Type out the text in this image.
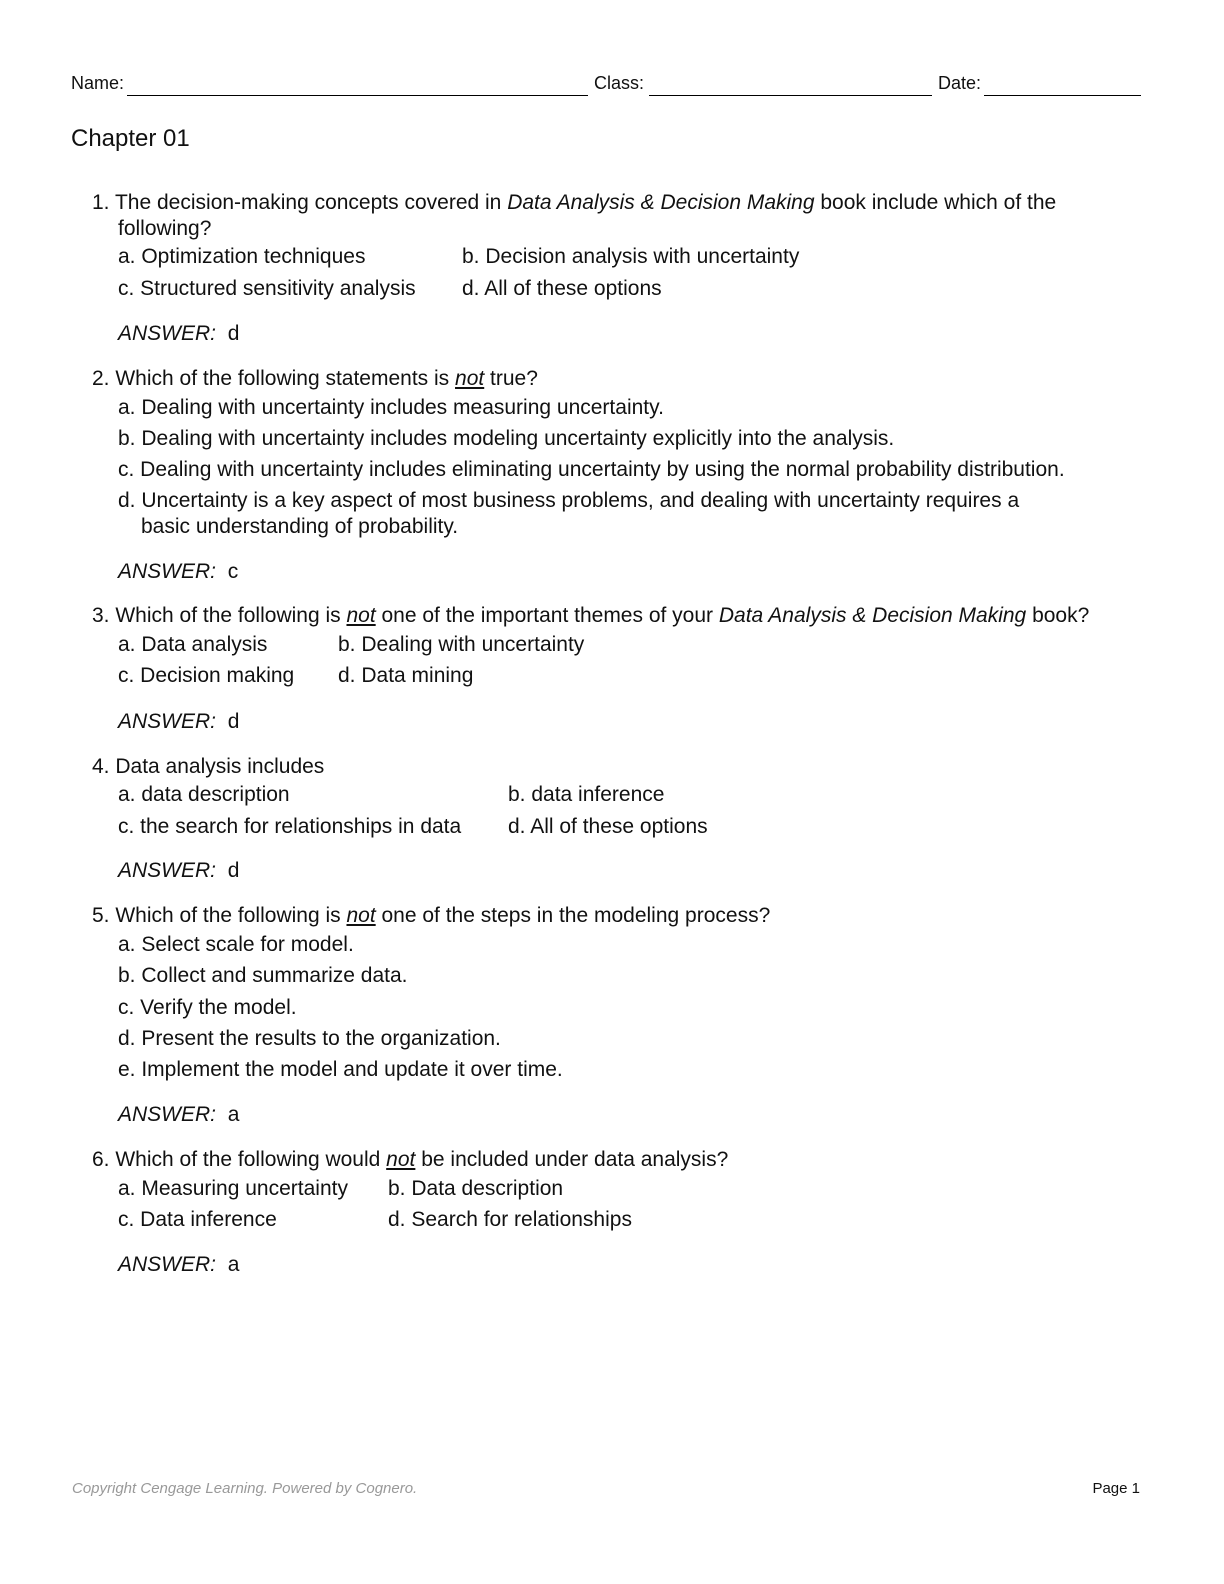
Name:	Class:	Date:
Chapter 01
1. The decision-making concepts covered in Data Analysis & Decision Making book include which of the
following?
a. Optimization techniques	b. Decision analysis with uncertainty
c. Structured sensitivity analysis d. All of these options
ANSWER: d
2. Which of the following statements is not true?
a. Dealing with uncertainty includes measuring uncertainty.
b. Dealing with uncertainty includes modeling uncertainty explicitly into the analysis.
c. Dealing with uncertainty includes eliminating uncertainty by using the normal probability distribution.
d. Uncertainty is a key aspect of most business problems, and dealing with uncertainty requires a
basic understanding of probability.
ANSWER: c
3. Which of the following is not one of the important themes of your Data Analysis & Decision Making book?
a. Data analysis	b. Dealing with uncertainty
c. Decision making d. Data mining
ANSWER: d
4. Data analysis includes
a. data description	b. data inference
c. the search for relationships in data d. All of these options
ANSWER: d
5. Which of the following is not one of the steps in the modeling process?
a. Select scale for model.
b. Collect and summarize data.
c. Verify the model.
d. Present the results to the organization.
e. Implement the model and update it over time.
ANSWER: a
6. Which of the following would not be included under data analysis?
a. Measuring uncertainty b. Data description
c. Data inference	d. Search for relationships
ANSWER: a
Copyright Cengage Learning. Powered by Cognero.	Page 1
